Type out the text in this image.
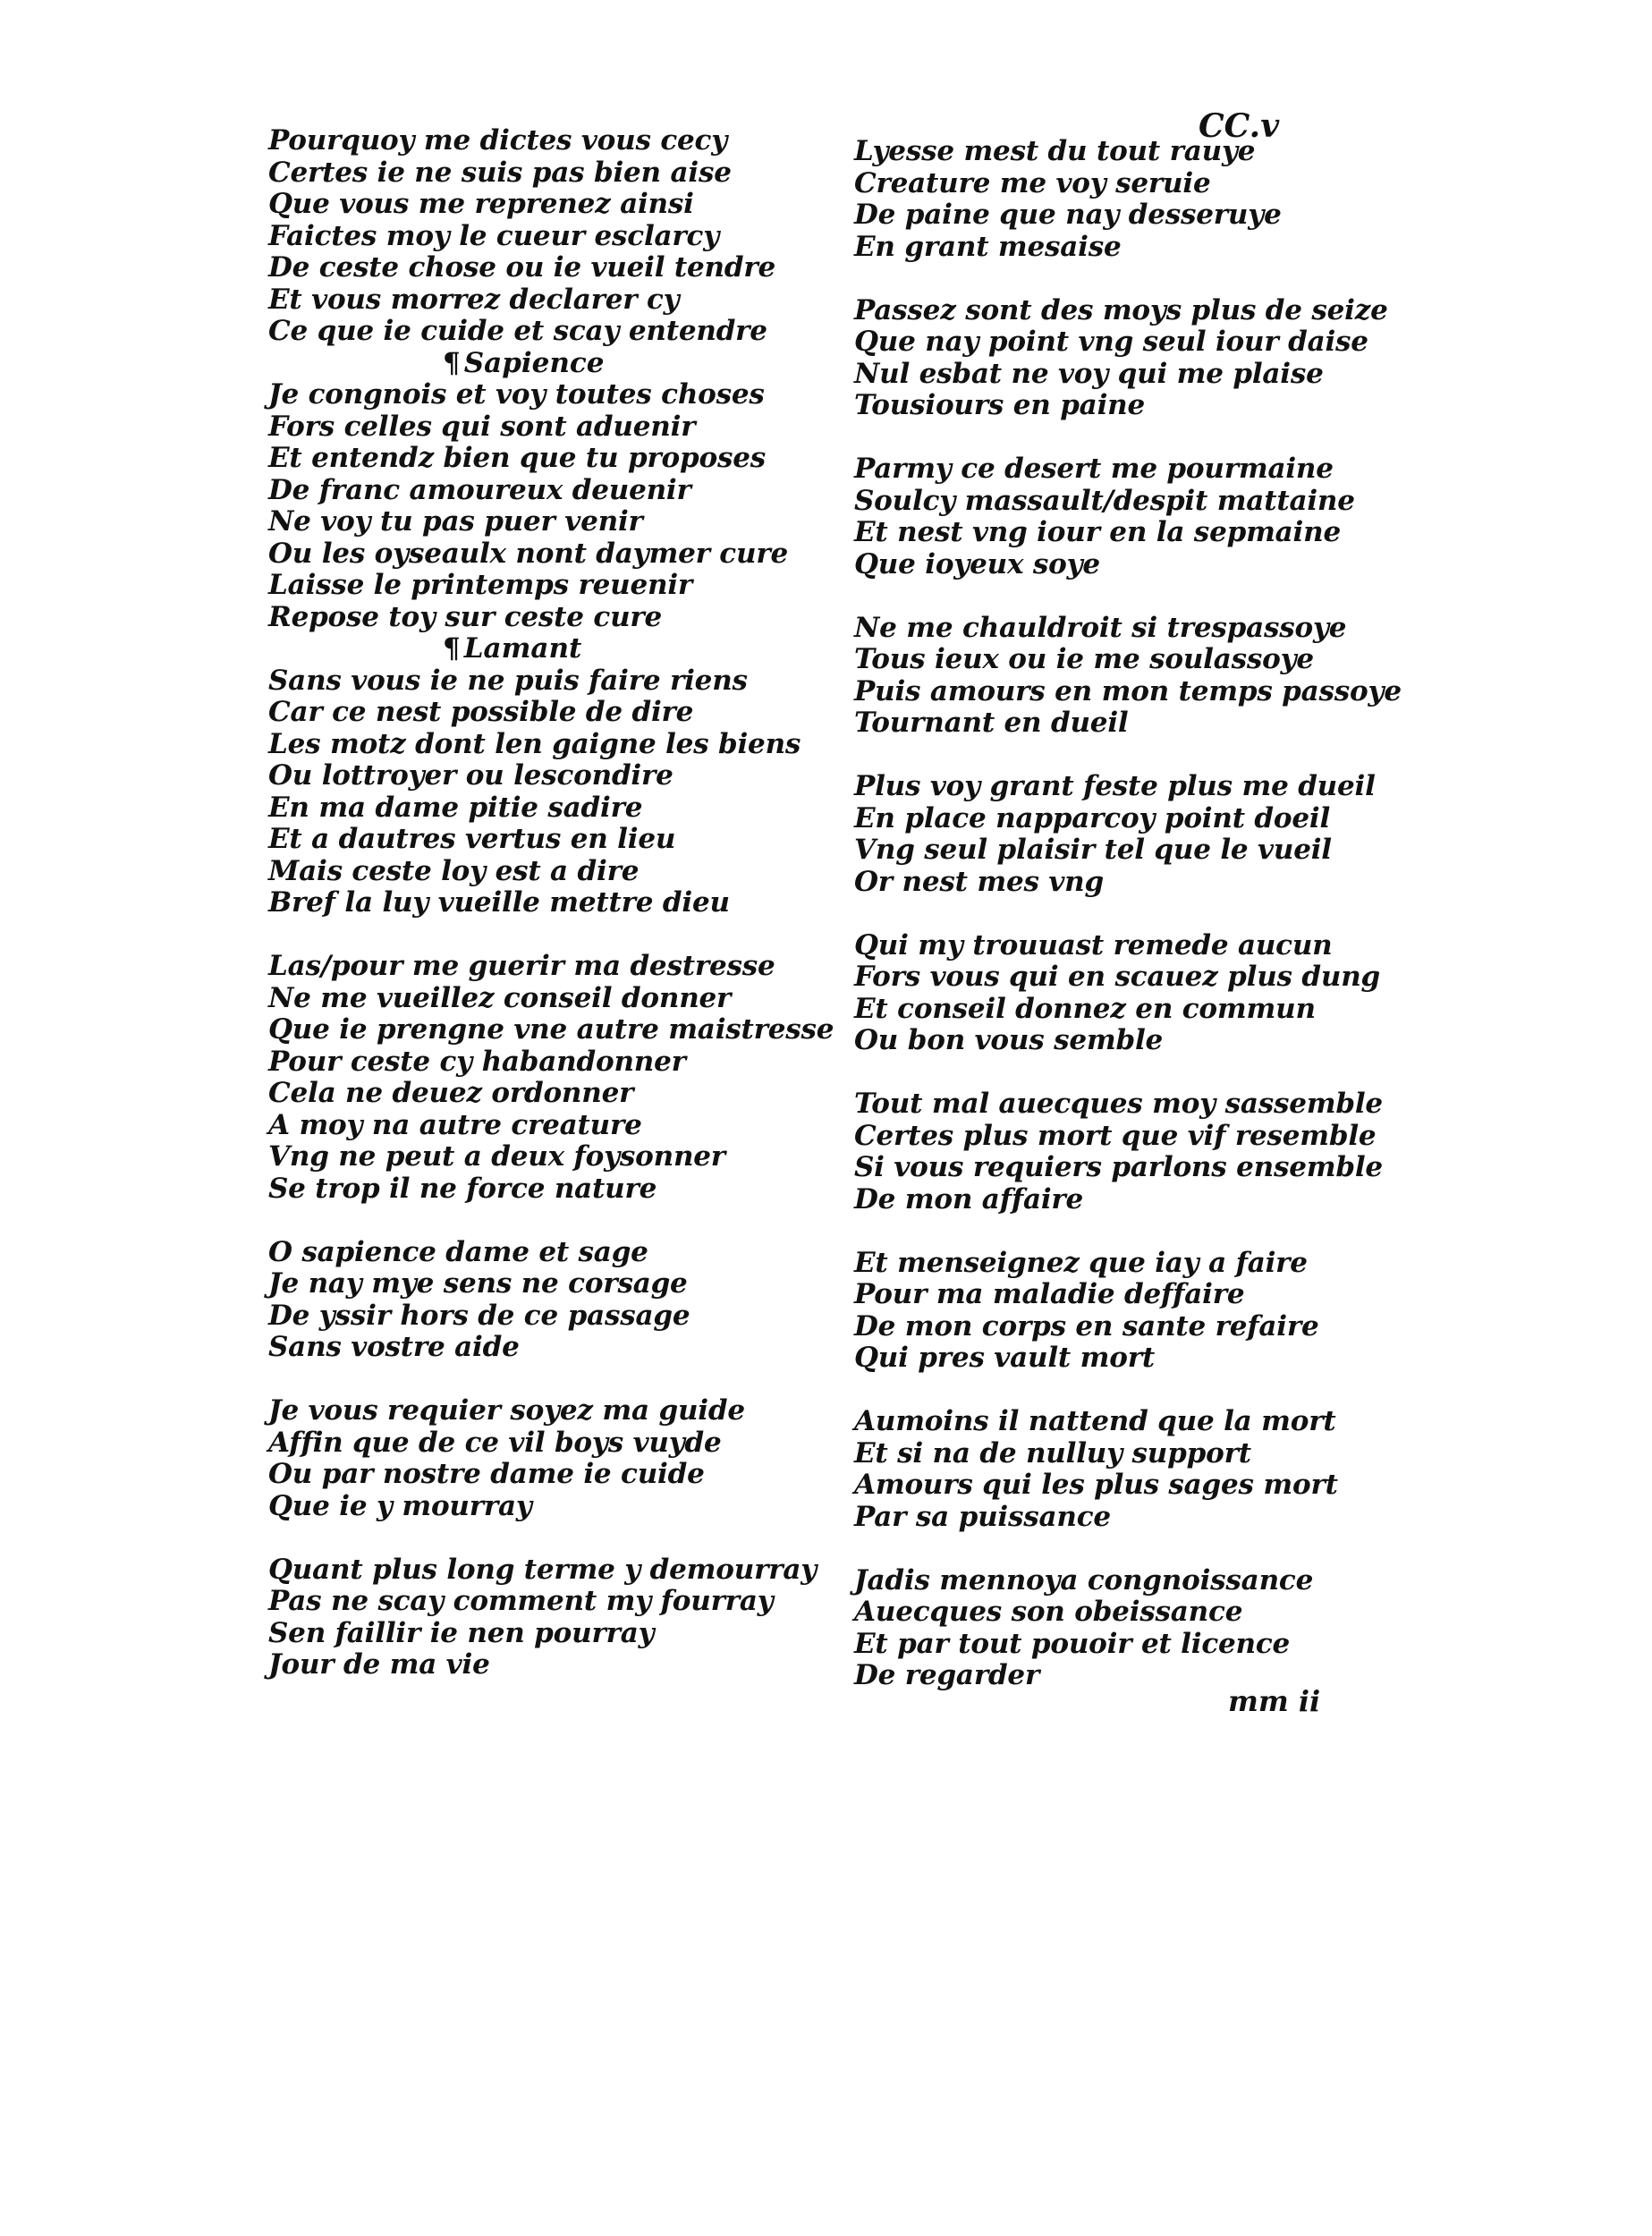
CC.v
Pourquoy me dictes vous cecy
Certes ie ne suis pas bien aise
Que vous me reprenez ainsi
Faictes moy le cueur esclarcy
De ceste chose ou ie vueil tendre
Et vous morrez declarer cy
Ce que ie cuide et scay entendre
¶ Sapience
Je congnois et voy toutes choses
Fors celles qui sont aduenir
Et entendz bien que tu proposes
De franc amoureux deuenir
Ne voy tu pas puer venir
Ou les oyseaulx nont daymer cure
Laisse le printemps reuenir
Repose toy sur ceste cure
¶ Lamant
Sans vous ie ne puis faire riens
Car ce nest possible de dire
Les motz dont len gaigne les biens
Ou lottroyer ou lescondire
En ma dame pitie sadire
Et a dautres vertus en lieu
Mais ceste loy est a dire
Bref la luy vueille mettre dieu
Las/pour me guerir ma destresse
Ne me vueillez conseil donner
Que ie prengne vne autre maistresse
Pour ceste cy habandonner
Cela ne deuez ordonner
A moy na autre creature
Vng ne peut a deux foysonner
Se trop il ne force nature
O sapience dame et sage
Je nay mye sens ne corsage
De yssir hors de ce passage
Sans vostre aide
Je vous requier soyez ma guide
Affin que de ce vil boys vuyde
Ou par nostre dame ie cuide
Que ie y mourray
Quant plus long terme y demourray
Pas ne scay comment my fourray
Sen faillir ie nen pourray
Jour de ma vie
Lyesse mest du tout rauye
Creature me voy seruie
De paine que nay desseruye
En grant mesaise
Passez sont des moys plus de seize
Que nay point vng seul iour daise
Nul esbat ne voy qui me plaise
Tousiours en paine
Parmy ce desert me pourmaine
Soulcy massault/despit mattaine
Et nest vng iour en la sepmaine
Que ioyeux soye
Ne me chauldroit si trespassoye
Tous ieux ou ie me soulassoye
Puis amours en mon temps passoye
Tournant en dueil
Plus voy grant feste plus me dueil
En place napparcoy point doeil
Vng seul plaisir tel que le vueil
Or nest mes vng
Qui my trouuast remede aucun
Fors vous qui en scauez plus dung
Et conseil donnez en commun
Ou bon vous semble
Tout mal auecques moy sassemble
Certes plus mort que vif resemble
Si vous requiers parlons ensemble
De mon affaire
Et menseignez que iay a faire
Pour ma maladie deffaire
De mon corps en sante refaire
Qui pres vault mort
Aumoins il nattend que la mort
Et si na de nulluy support
Amours qui les plus sages mort
Par sa puissance
Jadis mennoya congnoissance
Auecques son obeissance
Et par tout pouoir et licence
De regarder
mm ii
